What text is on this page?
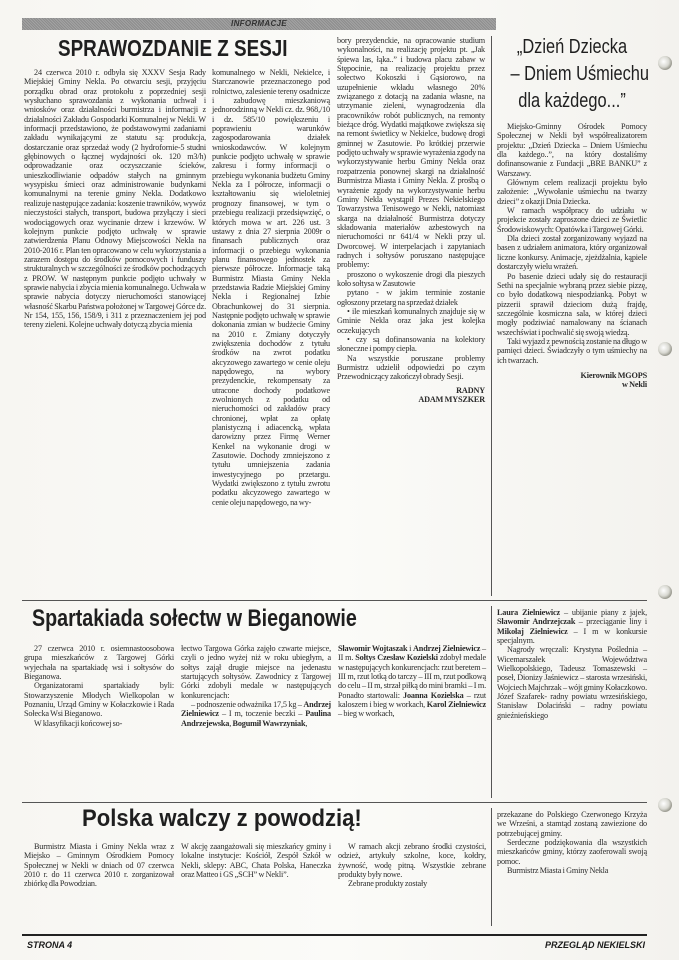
INFORMACJE
SPRAWOZDANIE Z SESJI

24 czerwca 2010 r. odbyła się XXXV Sesja Rady Miejskiej Gminy Nekla. Po otwarciu sesji, przyjęciu porządku obrad oraz protokołu z poprzedniej sesji wysłuchano sprawozdania z wykonania uchwał i wniosków oraz działalności burmistrza i informacji z działalności Zakładu Gospodarki Komunalnej w Nekli. W informacji przedstawiono, że podstawowymi zadaniami zakładu wynikającymi ze statutu są: produkcja, dostarczanie oraz sprzedaż wody (2 hydrofornie-5 studni głębinowych o łącznej wydajności ok. 120 m3/h) odprowadzanie oraz oczyszczanie ścieków, unieszkodliwianie odpadów stałych na gminnym wysypisku śmieci oraz administrowanie budynkami komunalnymi na terenie gminy Nekla. Dodatkowo realizuje następujące zadania: koszenie trawników, wywóz nieczystości stałych, transport, budowa przyłączy i sieci wodociągowych oraz wycinanie drzew i krzewów. W kolejnym punkcie podjęto uchwałę w sprawie zatwierdzenia Planu Odnowy Miejscowości Nekla na 2010-2016 r. Plan ten opracowano w celu wykorzystania a zarazem dostępu do środków pomocowych i funduszy strukturalnych w szczególności ze środków pochodzących z PROW. W następnym punkcie podjęto uchwały w sprawie nabycia i zbycia mienia komunalnego. Uchwała w sprawie nabycia dotyczy nieruchomości stanowiącej własność Skarbu Państwa położonej w Targowej Górce dz. Nr 154, 155, 156, 158/9, i 311 z przeznaczeniem jej pod tereny zieleni. Kolejne uchwały dotyczą zbycia mienia

komunalnego w Nekli, Nekielce, i Starczanowie przeznaczonego pod rolnictwo, zalesienie tereny osadnicze i zabudowę mieszkaniową jednorodzinną w Nekli cz. dz. 968,/10 i dz. 585/10 powiększeniu i poprawieniu warunków zagospodarowania działek wnioskodawców. W kolejnym punkcie podjęto uchwałę w sprawie zakresu i formy informacji o przebiegu wykonania budżetu Gminy Nekla za I półrocze, informacji o kształtowaniu się wieloletniej prognozy finansowej, w tym o przebiegu realizacji przedsięwzięć, o których mowa w art. 226 ust. 3 ustawy z dnia 27 sierpnia 2009r o finansach publicznych oraz informacji o przebiegu wykonania planu finansowego jednostek za pierwsze półrocze. Informacje taką Burmistrz Miasta Gminy Nekla przedstawia Radzie Miejskiej Gminy Nekla i Regionalnej Izbie Obrachunkowej do 31 sierpnia. Następnie podjęto uchwałę w sprawie dokonania zmian w budżecie Gminy na 2010 r. Zmiany dotyczyły zwiększenia dochodów z tytułu środków na zwrot podatku akcyzowego zawartego w cenie oleju napędowego, na wybory prezydenckie, rekompensaty za utracone dochody podatkowe zwolnionych z podatku od nieruchomości od zakładów pracy chronionej, wpłat za opłatę planistyczną i adiacencką, wpłata darowizny przez Firmę Werner Kenkel na wykonanie drogi w Zasutowie. Dochody zmniejszono z tytułu umniejszenia zadania inwestycyjnego po przetargu. Wydatki zwiększono z tytułu zwrotu podatku akcyzowego zawartego w cenie oleju napędowego, na wy-

bory prezydenckie, na opracowanie studium wykonalności, na realizację projektu pt. „Jak śpiewa las, łąka..” i budowa placu zabaw w Stępocinie, na realizację projektu przez sołectwo Kokoszki i Gąsiorowo, na uzupełnienie wkładu własnego 20% związanego z dotacją na zadania własne, na utrzymanie zieleni, wynagrodzenia dla pracowników robót publicznych, na remonty bieżące dróg. Wydatki majątkowe zwiększa się na remont świetlicy w Nekielce, budowę drogi gminnej w Zasutowie. Po krótkiej przerwie podjęto uchwały w sprawie wyrażenia zgody na wykorzystywanie herbu Gminy Nekla oraz rozpatrzenia ponownej skargi na działalność Burmistrza Miasta i Gminy Nekla. Z prośbą o wyrażenie zgody na wykorzystywanie herbu Gminy Nekla wystąpił Prezes Nekielskiego Towarzystwa Tenisowego w Nekli, natomiast skarga na działalność Burmistrza dotyczy składowania materiałów azbestowych na nieruchomości nr 641/4 w Nekli przy ul. Dworcowej. W interpelacjach i zapytaniach radnych i sołtysów poruszano następujące problemy:

proszono o wykoszenie drogi dla pieszych koło sołtysa w Zasutowie

pytano - w jakim terminie zostanie ogłoszony przetarg na sprzedaż działek

• ile mieszkań komunalnych znajduje się w Gminie Nekla oraz jaka jest kolejka oczekujących

• czy są dofinansowania na kolektory słoneczne i pompy ciepła.

Na wszystkie poruszane problemy Burmistrz udzielił odpowiedzi po czym Przewodniczący zakończył obrady Sesji.

RADNY

ADAM MYSZKER

„Dzień Dziecka
– Dniem Uśmiechu
dla każdego...”

Miejsko-Gminny Ośrodek Pomocy Społecznej w Nekli był współrealizatorem projektu: „Dzień Dziecka – Dniem Uśmiechu dla każdego..”, na który dostaliśmy dofinansowanie z Fundacji „BRE BANKU” z Warszawy.

Głównym celem realizacji projektu było założenie: „Wywołanie uśmiechu na twarzy dzieci” z okazji Dnia Dziecka.

W ramach współpracy do udziału w projekcie zostały zaproszone dzieci ze Świetlic Środowiskowych: Opatówka i Targowej Górki.

Dla dzieci został zorganizowany wyjazd na basen z udziałem animatora, który organizował liczne konkursy. Animacje, zjeżdżalnia, kąpiele dostarczyły wielu wrażeń.

Po basenie dzieci udały się do restauracji Sethi na specjalnie wybraną przez siebie pizzę, co było dodatkową niespodzianką. Pobyt w pizzerii sprawił dzieciom dużą frajdę, szczególnie kosmiczna sala, w której dzieci mogły podziwiać namalowany na ścianach wszechświat i pochwalić się swoją wiedzą.

Taki wyjazd z pewnością zostanie na długo w pamięci dzieci. Świadczyły o tym uśmiechy na ich twarzach.

Kierownik MGOPS

w Nekli

Spartakiada sołectw w Bieganowie

27 czerwca 2010 r. osiemnastoosobowa grupa mieszkańców z Targowej Górki wyjechała na spartakiadę wsi i sołtysów do Bieganowa.

Organizatorami spartakiady byli: Stowarzyszenie Młodych Wielkopolan w Poznaniu, Urząd Gminy w Kołaczkowie i Rada Sołecka Wsi Bieganowo.

W klasyfikacji końcowej so-

łectwo Targowa Górka zajęło czwarte miejsce, czyli o jedno wyżej niż w roku ubiegłym, a sołtys zajął drugie miejsce na jedenastu startujących sołtysów. Zawodnicy z Targowej Górki zdobyli medale w następujących konkurencjach:

– podnoszenie odważnika 17,5 kg – Andrzej Zielniewicz – I m, toczenie beczki – Paulina Andrzejewska, Bogumił Wawrzyniak,

Sławomir Wojtaszak i Andrzej Zielniewicz – II m. Sołtys Czesław Kozielski zdobył medale w następujących konkurencjach: rzut beretem – III m, rzut lotką do tarczy – III m, rzut podkową do celu – II m, strzał piłką do mini bramki – I m. Ponadto startowali: Joanna Kozielska – rzut kaloszem i bieg w workach, Karol Zielniewicz – bieg w workach,

Laura Zielniewicz – ubijanie piany z jajek, Sławomir Andrzejczak – przeciąganie liny i Mikołaj Zielniewicz – I m w konkursie specjalnym.

Nagrody wręczali: Krystyna Poślednia – Wicemarszałek Województwa Wielkopolskiego, Tadeusz Tomaszewski – poseł, Dionizy Jaśniewicz – starosta wrzesiński, Wojciech Majchrzak – wójt gminy Kołaczkowo. Józef Szafarek- radny powiatu wrzesińskiego, Stanisław Dolaciński – radny powiatu gnieźnieńskiego

Polska walczy z powodzią!

Burmistrz Miasta i Gminy Nekla wraz z Miejsko – Gminnym Ośrodkiem Pomocy Społecznej w Nekli w dniach od 07 czerwca 2010 r. do 11 czerwca 2010 r. zorganizował zbiórkę dla Powodzian.

W akcję zaangażowali się mieszkańcy gminy i lokalne instytucje: Kościół, Zespół Szkół w Nekli, sklepy: ABC, Chata Polska, Haneczka oraz Matteo i GS „SCH” w Nekli”.

W ramach akcji zebrano środki czystości, odzież, artykuły szkolne, koce, kołdry, żywność, wodę pitną. Wszystkie zebrane produkty były nowe.

Zebrane produkty zostały

przekazane do Polskiego Czerwonego Krzyża we Wrześni, a stamtąd zostaną zawiezione do potrzebującej gminy.

Serdeczne podziękowania dla wszystkich mieszkańców gminy, którzy zaoferowali swoją pomoc.

Burmistrz Miasta i Gminy Nekla

STRONA 4	PRZEGLĄD NEKIELSKI
